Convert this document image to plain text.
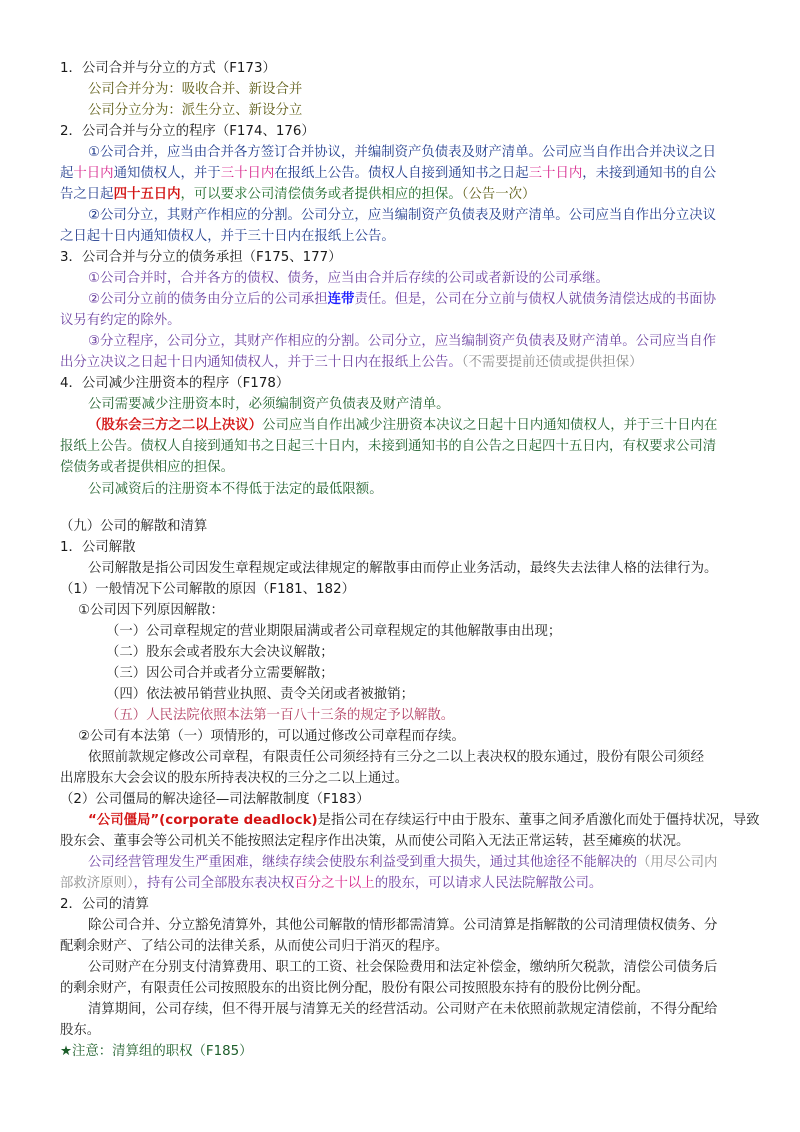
1．公司合并与分立的方式（F173）
公司合并分为：吸收合并、新设合并
公司分立分为：派生分立、新设分立
2．公司合并与分立的程序（F174、176）
①公司合并，应当由合并各方签订合并协议，并编制资产负债表及财产清单。公司应当自作出合并决议之日
起十日内通知债权人，并于三十日内在报纸上公告。债权人自接到通知书之日起三十日内，未接到通知书的自公
告之日起四十五日内，可以要求公司清偿债务或者提供相应的担保。（公告一次）
②公司分立，其财产作相应的分割。公司分立，应当编制资产负债表及财产清单。公司应当自作出分立决议
之日起十日内通知债权人，并于三十日内在报纸上公告。
3．公司合并与分立的债务承担（F175、177）
①公司合并时，合并各方的债权、债务，应当由合并后存续的公司或者新设的公司承继。
②公司分立前的债务由分立后的公司承担连带责任。但是，公司在分立前与债权人就债务清偿达成的书面协
议另有约定的除外。
③分立程序，公司分立，其财产作相应的分割。公司分立，应当编制资产负债表及财产清单。公司应当自作
出分立决议之日起十日内通知债权人，并于三十日内在报纸上公告。（不需要提前还债或提供担保）
4．公司减少注册资本的程序（F178）
公司需要减少注册资本时，必须编制资产负债表及财产清单。
（股东会三方之二以上决议）公司应当自作出减少注册资本决议之日起十日内通知债权人，并于三十日内在
报纸上公告。债权人自接到通知书之日起三十日内，未接到通知书的自公告之日起四十五日内，有权要求公司清
偿债务或者提供相应的担保。
公司减资后的注册资本不得低于法定的最低限额。
（九）公司的解散和清算
1．公司解散
公司解散是指公司因发生章程规定或法律规定的解散事由而停止业务活动，最终失去法律人格的法律行为。
（1）一般情况下公司解散的原因（F181、182）
①公司因下列原因解散：
（一）公司章程规定的营业期限届满或者公司章程规定的其他解散事由出现；
（二）股东会或者股东大会决议解散；
（三）因公司合并或者分立需要解散；
（四）依法被吊销营业执照、责令关闭或者被撤销；
（五）人民法院依照本法第一百八十三条的规定予以解散。
②公司有本法第（一）项情形的，可以通过修改公司章程而存续。
依照前款规定修改公司章程，有限责任公司须经持有三分之二以上表决权的股东通过，股份有限公司须经
出席股东大会会议的股东所持表决权的三分之二以上通过。
（2）公司僵局的解决途径—司法解散制度（F183）
“公司僵局”(corporate deadlock)是指公司在存续运行中由于股东、董事之间矛盾激化而处于僵持状况，导致
股东会、董事会等公司机关不能按照法定程序作出决策，从而使公司陷入无法正常运转，甚至瘫痪的状况。
公司经营管理发生严重困难，继续存续会使股东利益受到重大损失，通过其他途径不能解决的（用尽公司内
部救济原则），持有公司全部股东表决权百分之十以上的股东，可以请求人民法院解散公司。
2．公司的清算
除公司合并、分立豁免清算外，其他公司解散的情形都需清算。公司清算是指解散的公司清理债权债务、分
配剩余财产、了结公司的法律关系，从而使公司归于消灭的程序。
公司财产在分别支付清算费用、职工的工资、社会保险费用和法定补偿金，缴纳所欠税款，清偿公司债务后
的剩余财产，有限责任公司按照股东的出资比例分配，股份有限公司按照股东持有的股份比例分配。
清算期间，公司存续，但不得开展与清算无关的经营活动。公司财产在未依照前款规定清偿前，不得分配给
股东。
★注意：清算组的职权（F185）
